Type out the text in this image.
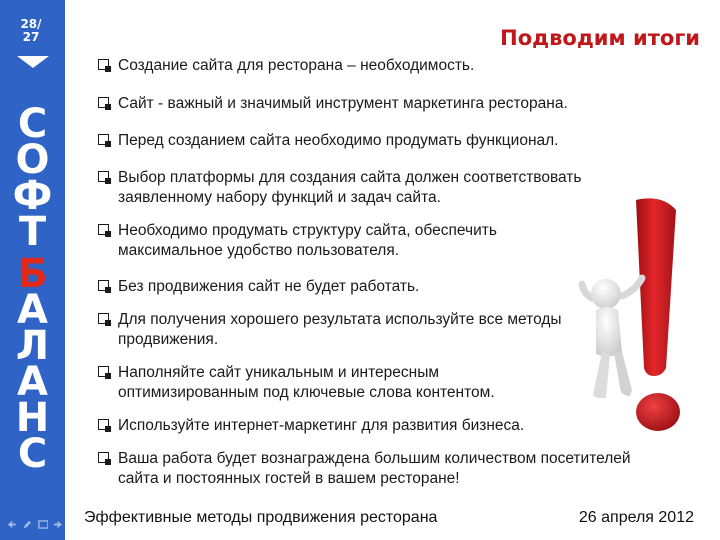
28/
27
С
О
Ф
Т
Б
А
Л
А
Н
С
Подводим итоги
Создание сайта для ресторана – необходимость.
Сайт - важный и значимый инструмент маркетинга ресторана.
Перед созданием сайта необходимо продумать функционал.
Выбор платформы для создания сайта должен соответствовать заявленному набору функций и задач сайта.
Необходимо продумать структуру сайта, обеспечить максимальное удобство пользователя.
Без продвижения сайт не будет работать.
Для получения хорошего результата используйте все методы продвижения.
Наполняйте сайт уникальным и интересным оптимизированным под ключевые слова контентом.
Используйте интернет-маркетинг для развития бизнеса.
Ваша работа будет вознаграждена большим количеством посетителей сайта и постоянных гостей в вашем ресторане!
Эффективные методы продвижения ресторана	26 апреля 2012
